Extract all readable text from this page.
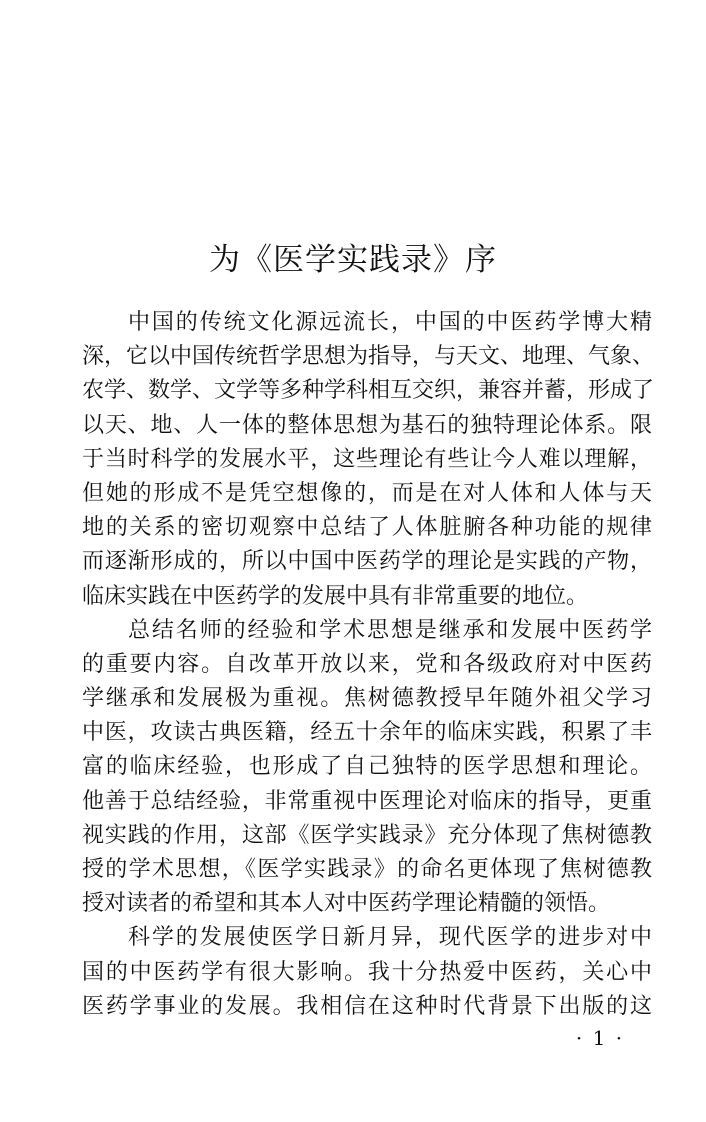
为《医学实践录》序
中国的传统文化源远流长，中国的中医药学博大精
深，它以中国传统哲学思想为指导，与天文、地理、气象、
农学、数学、文学等多种学科相互交织，兼容并蓄，形成了
以天、地、人一体的整体思想为基石的独特理论体系。限
于当时科学的发展水平，这些理论有些让今人难以理解，
但她的形成不是凭空想像的，而是在对人体和人体与天
地的关系的密切观察中总结了人体脏腑各种功能的规律
而逐渐形成的，所以中国中医药学的理论是实践的产物，
临床实践在中医药学的发展中具有非常重要的地位。
总结名师的经验和学术思想是继承和发展中医药学
的重要内容。自改革开放以来，党和各级政府对中医药
学继承和发展极为重视。焦树德教授早年随外祖父学习
中医，攻读古典医籍，经五十余年的临床实践，积累了丰
富的临床经验，也形成了自己独特的医学思想和理论。
他善于总结经验，非常重视中医理论对临床的指导，更重
视实践的作用，这部《医学实践录》充分体现了焦树德教
授的学术思想，《医学实践录》的命名更体现了焦树德教
授对读者的希望和其本人对中医药学理论精髓的领悟。
科学的发展使医学日新月异，现代医学的进步对中
国的中医药学有很大影响。我十分热爱中医药，关心中
医药学事业的发展。我相信在这种时代背景下出版的这
· 1 ·
